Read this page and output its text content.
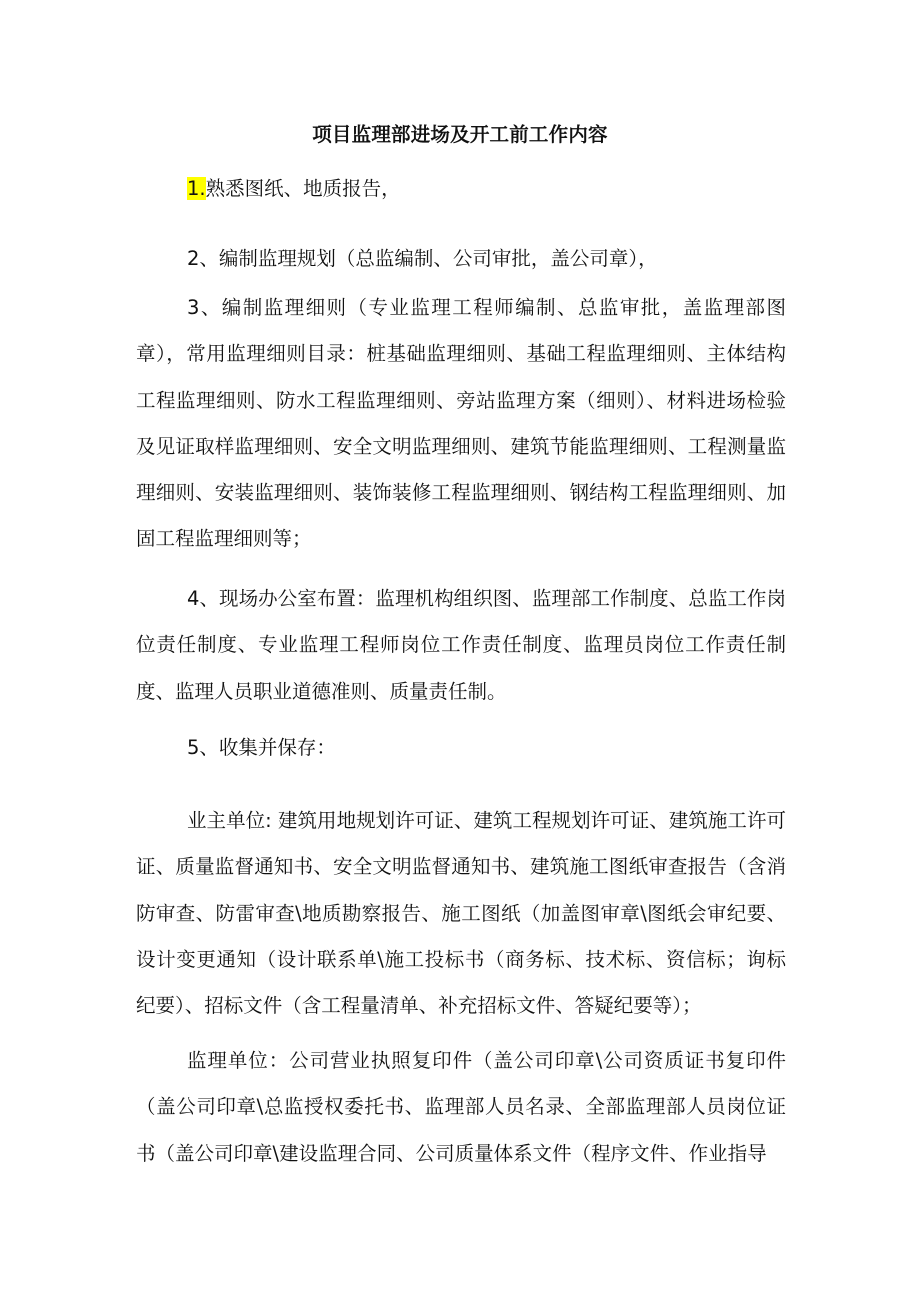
项目监理部进场及开工前工作内容
1.熟悉图纸、地质报告，
2、编制监理规划（总监编制、公司审批，盖公司章），
3、编制监理细则（专业监理工程师编制、总监审批，盖监理部图章），常用监理细则目录：桩基础监理细则、基础工程监理细则、主体结构工程监理细则、防水工程监理细则、旁站监理方案（细则）、材料进场检验及见证取样监理细则、安全文明监理细则、建筑节能监理细则、工程测量监理细则、安装监理细则、装饰装修工程监理细则、钢结构工程监理细则、加固工程监理细则等；
4、现场办公室布置：监理机构组织图、监理部工作制度、总监工作岗位责任制度、专业监理工程师岗位工作责任制度、监理员岗位工作责任制度、监理人员职业道德准则、质量责任制。
5、收集并保存：
业主单位: 建筑用地规划许可证、建筑工程规划许可证、建筑施工许可证、质量监督通知书、安全文明监督通知书、建筑施工图纸审查报告（含消防审查、防雷审查\地质勘察报告、施工图纸（加盖图审章\图纸会审纪要、设计变更通知（设计联系单\施工投标书（商务标、技术标、资信标；询标纪要）、招标文件（含工程量清单、补充招标文件、答疑纪要等）；
监理单位：公司营业执照复印件（盖公司印章\公司资质证书复印件（盖公司印章\总监授权委托书、监理部人员名录、全部监理部人员岗位证书（盖公司印章\建设监理合同、公司质量体系文件（程序文件、作业指导
